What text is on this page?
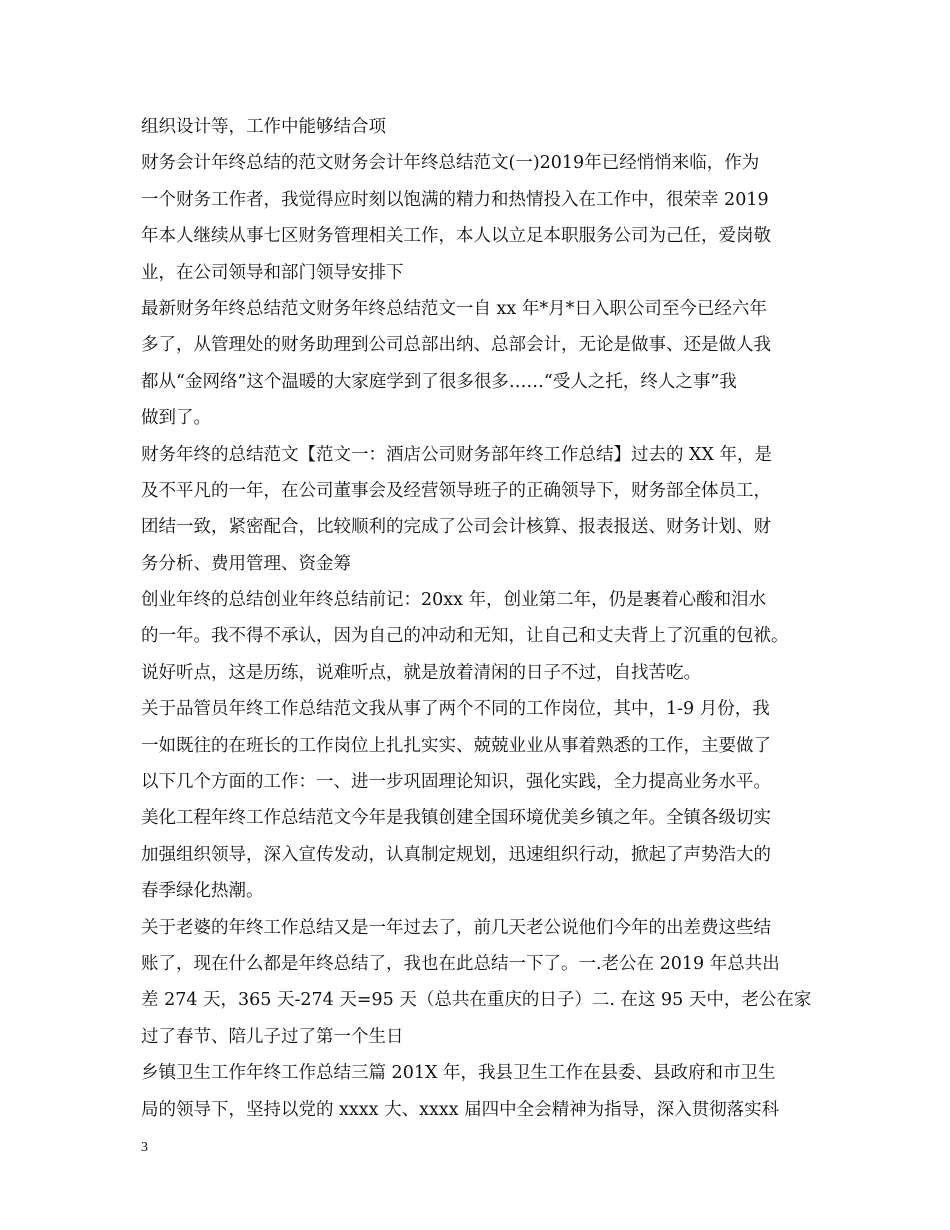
组织设计等，工作中能够结合项
财务会计年终总结的范文财务会计年终总结范文(一)2019年已经悄悄来临，作为
一个财务工作者，我觉得应时刻以饱满的精力和热情投入在工作中，很荣幸 2019
年本人继续从事七区财务管理相关工作，本人以立足本职服务公司为己任，爱岗敬
业，在公司领导和部门领导安排下
最新财务年终总结范文财务年终总结范文一自 xx 年*月*日入职公司至今已经六年
多了，从管理处的财务助理到公司总部出纳、总部会计，无论是做事、还是做人我
都从“金网络”这个温暖的大家庭学到了很多很多……“受人之托，终人之事”我
做到了。
财务年终的总结范文【范文一：酒店公司财务部年终工作总结】过去的 XX 年，是
及不平凡的一年，在公司董事会及经营领导班子的正确领导下，财务部全体员工，
团结一致，紧密配合，比较顺利的完成了公司会计核算、报表报送、财务计划、财
务分析、费用管理、资金筹
创业年终的总结创业年终总结前记：20xx 年，创业第二年，仍是裹着心酸和泪水
的一年。我不得不承认，因为自己的冲动和无知，让自己和丈夫背上了沉重的包袱。
说好听点，这是历练，说难听点，就是放着清闲的日子不过，自找苦吃。
关于品管员年终工作总结范文我从事了两个不同的工作岗位，其中，1-9 月份，我
一如既往的在班长的工作岗位上扎扎实实、兢兢业业从事着熟悉的工作，主要做了
以下几个方面的工作：一、进一步巩固理论知识，强化实践，全力提高业务水平。
美化工程年终工作总结范文今年是我镇创建全国环境优美乡镇之年。全镇各级切实
加强组织领导，深入宣传发动，认真制定规划，迅速组织行动，掀起了声势浩大的
春季绿化热潮。
关于老婆的年终工作总结又是一年过去了，前几天老公说他们今年的出差费这些结
账了，现在什么都是年终总结了，我也在此总结一下了。一.老公在 2019 年总共出
差 274 天，365 天-274 天=95 天（总共在重庆的日子）二. 在这 95 天中，老公在家
过了春节、陪儿子过了第一个生日
乡镇卫生工作年终工作总结三篇 201X 年，我县卫生工作在县委、县政府和市卫生
局的领导下，坚持以党的 xxxx 大、xxxx 届四中全会精神为指导，深入贯彻落实科
3
